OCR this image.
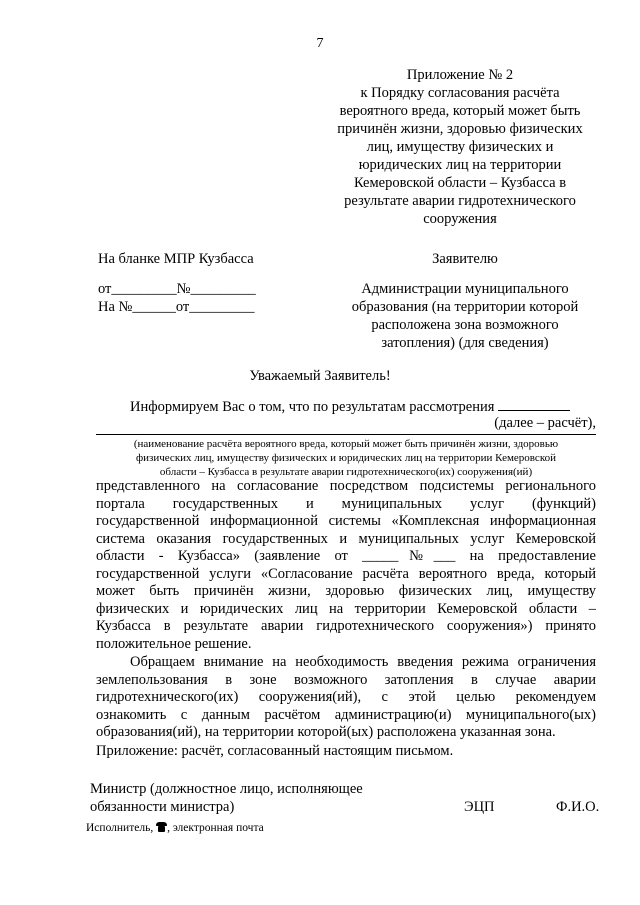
7
Приложение № 2
к Порядку согласования расчёта
вероятного вреда, который может быть
причинён жизни, здоровью физических
лиц, имуществу физических и
юридических лиц на территории
Кемеровской области – Кузбасса в
результате аварии гидротехнического
сооружения
На бланке МПР Кузбасса
от_________№_________
На №______от_________
Заявителю
Администрации муниципального
образования (на территории которой
расположена зона возможного
затопления) (для сведения)
Уважаемый Заявитель!
Информируем Вас о том, что по результатам рассмотрения
(далее – расчёт),
(наименование расчёта вероятного вреда, который может быть причинён жизни, здоровью
физических лиц, имуществу физических и юридических лиц на территории Кемеровской
области – Кузбасса в результате аварии гидротехнического(их) сооружения(ий)
представленного на согласование посредством подсистемы регионального
портала государственных и муниципальных услуг (функций)
государственной информационной системы «Комплексная информационная
система оказания государственных и муниципальных услуг Кемеровской
области - Кузбасса» (заявление от _____№___ на предоставление
государственной услуги «Согласование расчёта вероятного вреда, который
может быть причинён жизни, здоровью физических лиц, имуществу
физических и юридических лиц на территории Кемеровской области –
Кузбасса в результате аварии гидротехнического сооружения») принято
положительное решение.
Обращаем внимание на необходимость введения режима ограничения
землепользования в зоне возможного затопления в случае аварии
гидротехнического(их) сооружения(ий), с этой целью рекомендуем
ознакомить с данным расчётом администрацию(и) муниципального(ых)
образования(ий), на территории которой(ых) расположена указанная зона.
Приложение: расчёт, согласованный настоящим письмом.
Министр (должностное лицо, исполняющее
обязанности министра)	ЭЦП	Ф.И.О.
Исполнитель, , электронная почта
